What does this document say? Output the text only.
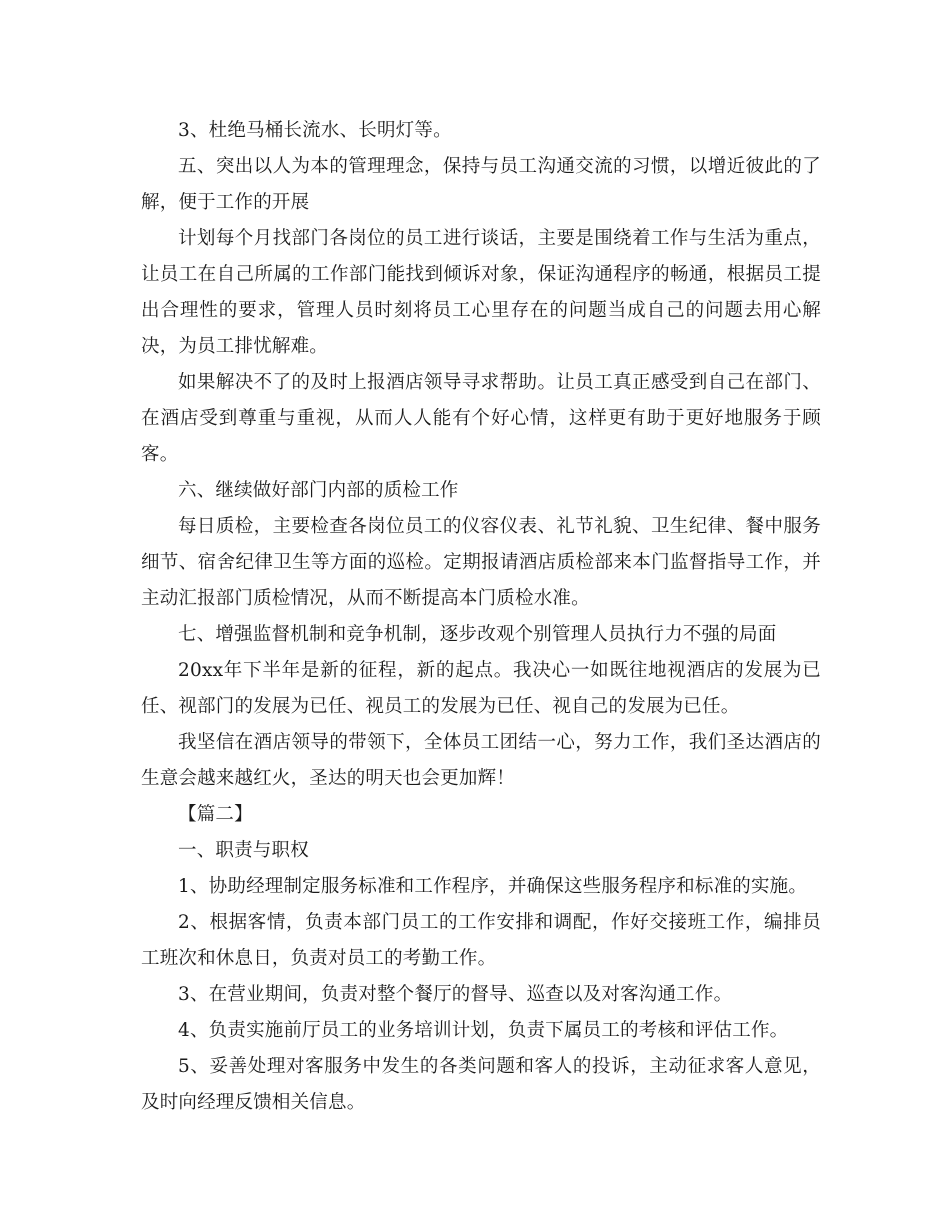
3、杜绝马桶长流水、长明灯等。

五、突出以人为本的管理理念，保持与员工沟通交流的习惯，以增近彼此的了解，便于工作的开展

计划每个月找部门各岗位的员工进行谈话，主要是围绕着工作与生活为重点，让员工在自己所属的工作部门能找到倾诉对象，保证沟通程序的畅通，根据员工提出合理性的要求，管理人员时刻将员工心里存在的问题当成自己的问题去用心解决，为员工排忧解难。

如果解决不了的及时上报酒店领导寻求帮助。让员工真正感受到自己在部门、在酒店受到尊重与重视，从而人人能有个好心情，这样更有助于更好地服务于顾客。

六、继续做好部门内部的质检工作

每日质检，主要检查各岗位员工的仪容仪表、礼节礼貌、卫生纪律、餐中服务细节、宿舍纪律卫生等方面的巡检。定期报请酒店质检部来本门监督指导工作，并主动汇报部门质检情况，从而不断提高本门质检水准。

七、增强监督机制和竞争机制，逐步改观个别管理人员执行力不强的局面

20xx年下半年是新的征程，新的起点。我决心一如既往地视酒店的发展为已任、视部门的发展为已任、视员工的发展为已任、视自己的发展为已任。

我坚信在酒店领导的带领下，全体员工团结一心，努力工作，我们圣达酒店的生意会越来越红火，圣达的明天也会更加辉！

【篇二】

一、职责与职权

1、协助经理制定服务标准和工作程序，并确保这些服务程序和标准的实施。

2、根据客情，负责本部门员工的工作安排和调配，作好交接班工作，编排员工班次和休息日，负责对员工的考勤工作。

3、在营业期间，负责对整个餐厅的督导、巡查以及对客沟通工作。

4、负责实施前厅员工的业务培训计划，负责下属员工的考核和评估工作。

5、妥善处理对客服务中发生的各类问题和客人的投诉，主动征求客人意见，及时向经理反馈相关信息。
